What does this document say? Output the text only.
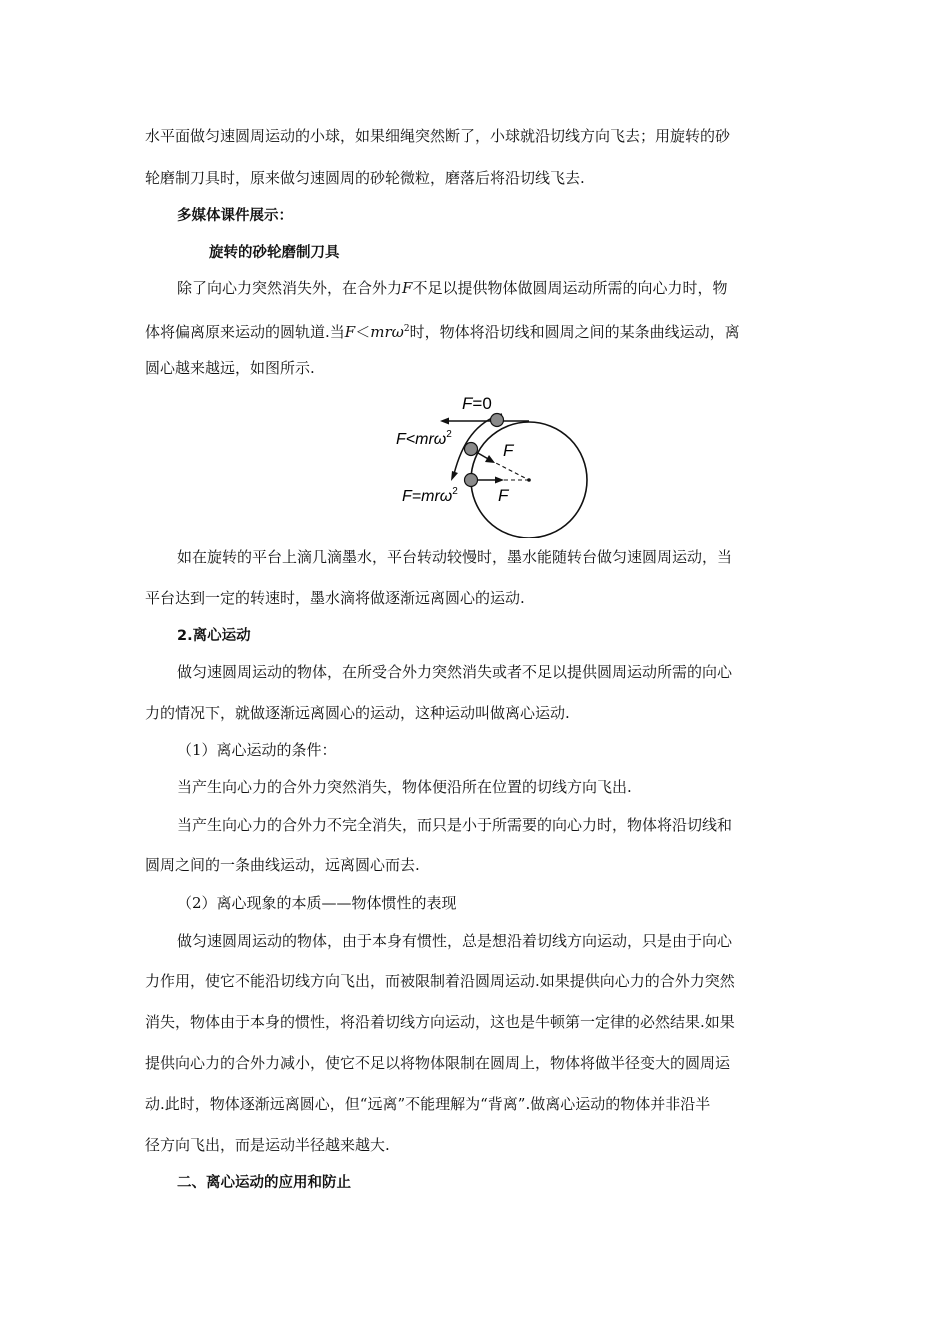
水平面做匀速圆周运动的小球，如果细绳突然断了，小球就沿切线方向飞去；用旋转的砂
轮磨制刀具时，原来做匀速圆周的砂轮微粒，磨落后将沿切线飞去.
多媒体课件展示：
旋转的砂轮磨制刀具
除了向心力突然消失外，在合外力F不足以提供物体做圆周运动所需的向心力时，物
体将偏离原来运动的圆轨道.当F＜mrω$^2$时，物体将沿切线和圆周之间的某条曲线运动，离
圆心越来越远，如图所示.
F=0
F<mrω$^2$
F=mrω$^2$
F
F
如在旋转的平台上滴几滴墨水，平台转动较慢时，墨水能随转台做匀速圆周运动，当
平台达到一定的转速时，墨水滴将做逐渐远离圆心的运动.
2.离心运动
做匀速圆周运动的物体，在所受合外力突然消失或者不足以提供圆周运动所需的向心
力的情况下，就做逐渐远离圆心的运动，这种运动叫做离心运动.
（1）离心运动的条件：
当产生向心力的合外力突然消失，物体便沿所在位置的切线方向飞出.
当产生向心力的合外力不完全消失，而只是小于所需要的向心力时，物体将沿切线和
圆周之间的一条曲线运动，远离圆心而去.
（2）离心现象的本质——物体惯性的表现
做匀速圆周运动的物体，由于本身有惯性，总是想沿着切线方向运动，只是由于向心
力作用，使它不能沿切线方向飞出，而被限制着沿圆周运动.如果提供向心力的合外力突然
消失，物体由于本身的惯性，将沿着切线方向运动，这也是牛顿第一定律的必然结果.如果
提供向心力的合外力减小，使它不足以将物体限制在圆周上，物体将做半径变大的圆周运
动.此时，物体逐渐远离圆心，但“远离”不能理解为“背离”.做离心运动的物体并非沿半
径方向飞出，而是运动半径越来越大.
二、离心运动的应用和防止
